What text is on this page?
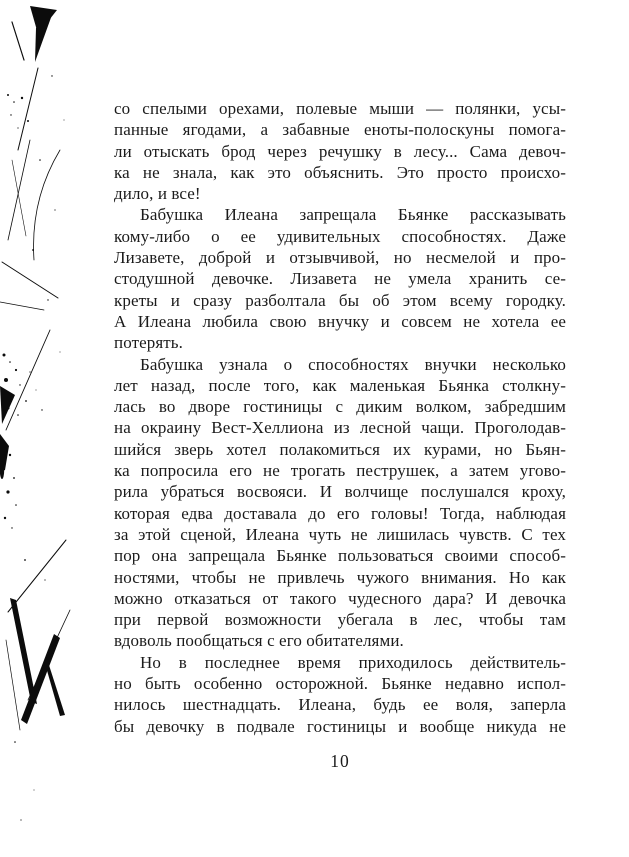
со спелыми орехами, полевые мыши — полянки, усы-
панные ягодами, а забавные еноты-полоскуны помога-
ли отыскать брод через речушку в лесу... Сама девоч-
ка не знала, как это объяснить. Это просто происхо-
дило, и все!
Бабушка Илеана запрещала Бьянке рассказывать
кому-либо о ее удивительных способностях. Даже
Лизавете, доброй и отзывчивой, но несмелой и про-
стодушной девочке. Лизавета не умела хранить се-
креты и сразу разболтала бы об этом всему городку.
А Илеана любила свою внучку и совсем не хотела ее
потерять.
Бабушка узнала о способностях внучки несколько
лет назад, после того, как маленькая Бьянка столкну-
лась во дворе гостиницы с диким волком, забредшим
на окраину Вест-Хеллиона из лесной чащи. Проголодав-
шийся зверь хотел полакомиться их курами, но Бьян-
ка попросила его не трогать пеструшек, а затем угово-
рила убраться восвояси. И волчище послушался кроху,
которая едва доставала до его головы! Тогда, наблюдая
за этой сценой, Илеана чуть не лишилась чувств. С тех
пор она запрещала Бьянке пользоваться своими способ-
ностями, чтобы не привлечь чужого внимания. Но как
можно отказаться от такого чудесного дара? И девочка
при первой возможности убегала в лес, чтобы там
вдоволь пообщаться с его обитателями.
Но в последнее время приходилось действитель-
но быть особенно осторожной. Бьянке недавно испол-
нилось шестнадцать. Илеана, будь ее воля, заперла
бы девочку в подвале гостиницы и вообще никуда не
10
